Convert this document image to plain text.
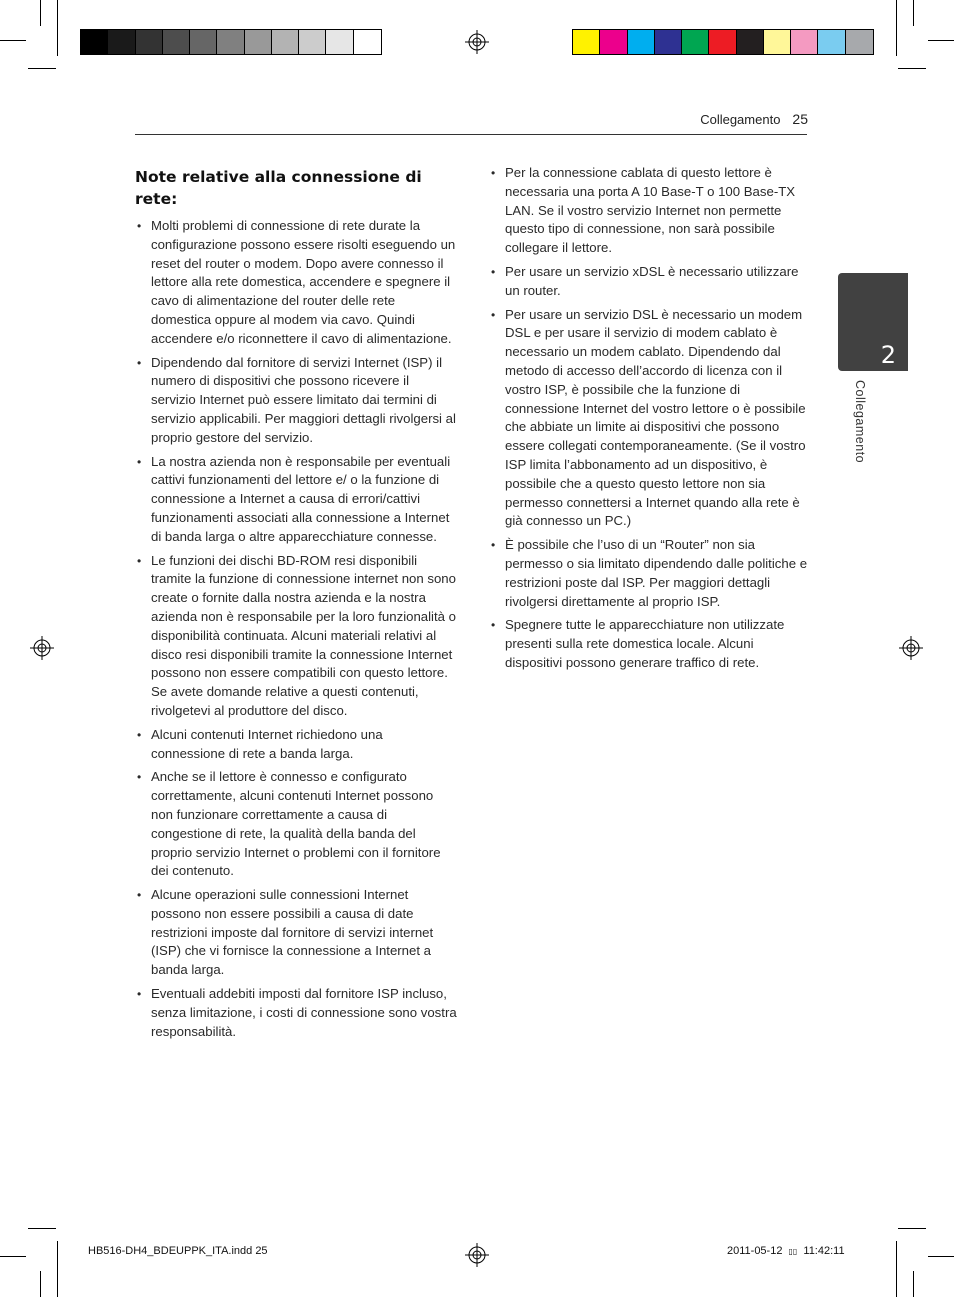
Collegamento 25
Note relative alla connessione di rete:
• Molti problemi di connessione di rete durate la configurazione possono essere risolti eseguendo un reset del router o modem. Dopo avere connesso il lettore alla rete domestica, accendere e spegnere il cavo di alimentazione del router delle rete domestica oppure al modem via cavo. Quindi accendere e/o riconnettere il cavo di alimentazione.
• Dipendendo dal fornitore di servizi Internet (ISP) il numero di dispositivi che possono ricevere il servizio Internet può essere limitato dai termini di servizio applicabili. Per maggiori dettagli rivolgersi al proprio gestore del servizio.
• La nostra azienda non è responsabile per eventuali cattivi funzionamenti del lettore e/ o la funzione di connessione a Internet a causa di errori/cattivi funzionamenti associati alla connessione a Internet di banda larga o altre apparecchiature connesse.
• Le funzioni dei dischi BD-ROM resi disponibili tramite la funzione di connessione internet non sono create o fornite dalla nostra azienda e la nostra azienda non è responsabile per la loro funzionalità o disponibilità continuata. Alcuni materiali relativi al disco resi disponibili tramite la connessione Internet possono non essere compatibili con questo lettore. Se avete domande relative a questi contenuti, rivolgetevi al produttore del disco.
• Alcuni contenuti Internet richiedono una connessione di rete a banda larga.
• Anche se il lettore è connesso e configurato correttamente, alcuni contenuti Internet possono non funzionare correttamente a causa di congestione di rete, la qualità della banda del proprio servizio Internet o problemi con il fornitore dei contenuto.
• Alcune operazioni sulle connessioni Internet possono non essere possibili a causa di date restrizioni imposte dal fornitore di servizi internet (ISP) che vi fornisce la connessione a Internet a banda larga.
• Eventuali addebiti imposti dal fornitore ISP incluso, senza limitazione, i costi di connessione sono vostra responsabilità.
• Per la connessione cablata di questo lettore è necessaria una porta A 10 Base-T o 100 Base-TX LAN. Se il vostro servizio Internet non permette questo tipo di connessione, non sarà possibile collegare il lettore.
• Per usare un servizio xDSL è necessario utilizzare un router.
• Per usare un servizio DSL è necessario un modem DSL e per usare il servizio di modem cablato è necessario un modem cablato. Dipendendo dal metodo di accesso dell’accordo di licenza con il vostro ISP, è possibile che la funzione di connessione Internet del vostro lettore o è possibile che abbiate un limite ai dispositivi che possono essere collegati contemporaneamente. (Se il vostro ISP limita l’abbonamento ad un dispositivo, è possibile che a questo questo lettore non sia permesso connettersi a Internet quando alla rete è già connesso un PC.)
• È possibile che l’uso di un “Router” non sia permesso o sia limitato dipendendo dalle politiche e restrizioni poste dal ISP. Per maggiori dettagli rivolgersi direttamente al proprio ISP.
• Spegnere tutte le apparecchiature non utilizzate presenti sulla rete domestica locale. Alcuni dispositivi possono generare traffico di rete.
2
Collegamento
HB516-DH4_BDEUPPK_ITA.indd 25	2011-05-12 ▯▯ 11:42:11
